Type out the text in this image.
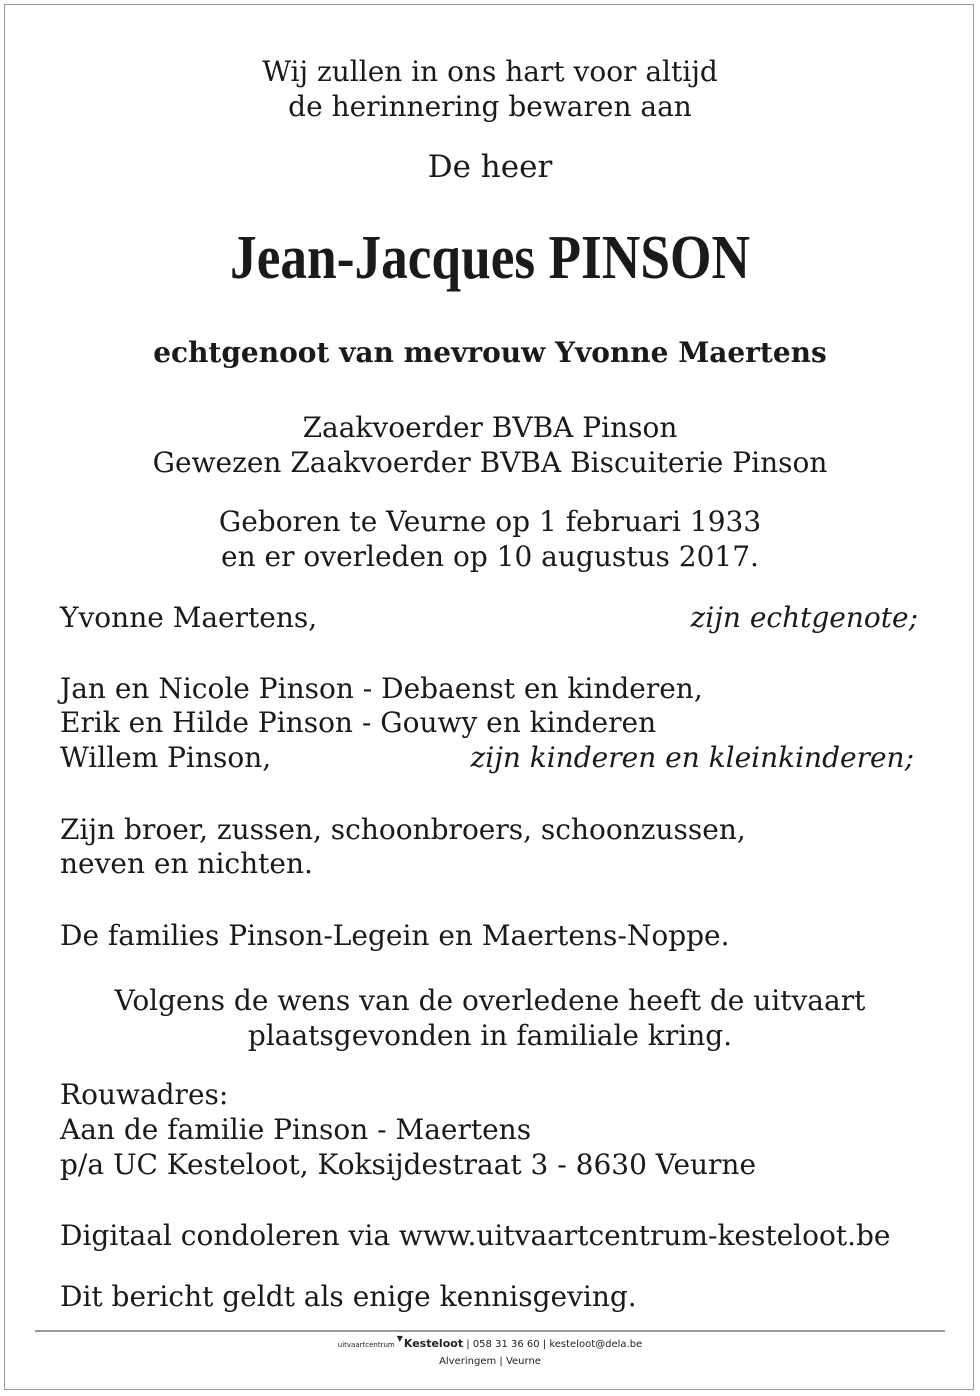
Wij zullen in ons hart voor altijd
de herinnering bewaren aan
De heer
Jean-Jacques PINSON
echtgenoot van mevrouw Yvonne Maertens
Zaakvoerder BVBA Pinson
Gewezen Zaakvoerder BVBA Biscuiterie Pinson
Geboren te Veurne op 1 februari 1933
en er overleden op 10 augustus 2017.
Yvonne Maertens,	zijn echtgenote;
Jan en Nicole Pinson - Debaenst en kinderen,
Erik en Hilde Pinson - Gouwy en kinderen
Willem Pinson,	zijn kinderen en kleinkinderen;
Zijn broer, zussen, schoonbroers, schoonzussen,
neven en nichten.
De families Pinson-Legein en Maertens-Noppe.
Volgens de wens van de overledene heeft de uitvaart
plaatsgevonden in familiale kring.
Rouwadres:
Aan de familie Pinson - Maertens
p/a UC Kesteloot, Koksijdestraat 3 - 8630 Veurne
Digitaal condoleren via www.uitvaartcentrum-kesteloot.be
Dit bericht geldt als enige kennisgeving.
uitvaartcentrum▼Kesteloot | 058 31 36 60 | kesteloot@dela.be
Alveringem | Veurne
